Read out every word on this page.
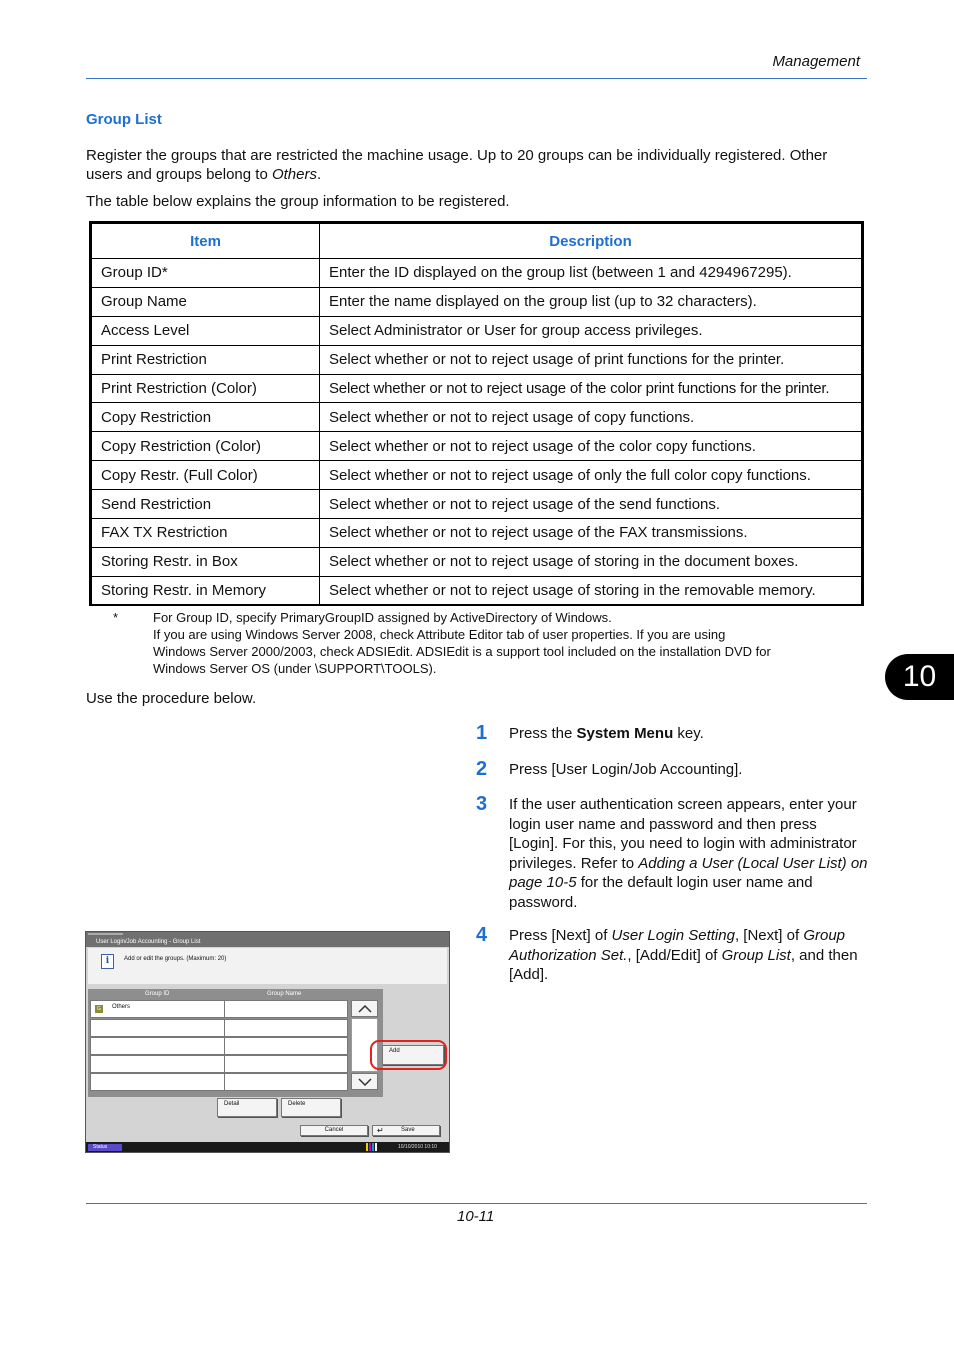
Management
Group List
Register the groups that are restricted the machine usage. Up to 20 groups can be individually registered. Other users and groups belong to Others.
The table below explains the group information to be registered.
Item	Description
Group ID*	Enter the ID displayed on the group list (between 1 and 4294967295).
Group Name	Enter the name displayed on the group list (up to 32 characters).
Access Level	Select Administrator or User for group access privileges.
Print Restriction	Select whether or not to reject usage of print functions for the printer.
Print Restriction (Color)	Select whether or not to reject usage of the color print functions for the printer.
Copy Restriction	Select whether or not to reject usage of copy functions.
Copy Restriction (Color)	Select whether or not to reject usage of the color copy functions.
Copy Restr. (Full Color)	Select whether or not to reject usage of only the full color copy functions.
Send Restriction	Select whether or not to reject usage of the send functions.
FAX TX Restriction	Select whether or not to reject usage of the FAX transmissions.
Storing Restr. in Box	Select whether or not to reject usage of storing in the document boxes.
Storing Restr. in Memory	Select whether or not to reject usage of storing in the removable memory.
*	For Group ID, specify PrimaryGroupID assigned by ActiveDirectory of Windows.
If you are using Windows Server 2008, check Attribute Editor tab of user properties. If you are using
Windows Server 2000/2003, check ADSIEdit. ADSIEdit is a support tool included on the installation DVD for
Windows Server OS (under \SUPPORT\TOOLS).	10
Use the procedure below.
1 Press the System Menu key.
2 Press [User Login/Job Accounting].
3 If the user authentication screen appears, enter your login user name and password and then press [Login]. For this, you need to login with administrator privileges. Refer to Adding a User (Local User List) on page 10-5 for the default login user name and password.
4 Press [Next] of User Login Setting, [Next] of Group Authorization Set., [Add/Edit] of Group List, and then [Add].
User Login/Job Accounting - Group List
i	Add or edit the groups. (Maximum: 20)
Group ID	Group Name
G	Others
Add
Detail	Delete
Cancel	↵	Save
Status	10/10/2010 10:10
10-11
